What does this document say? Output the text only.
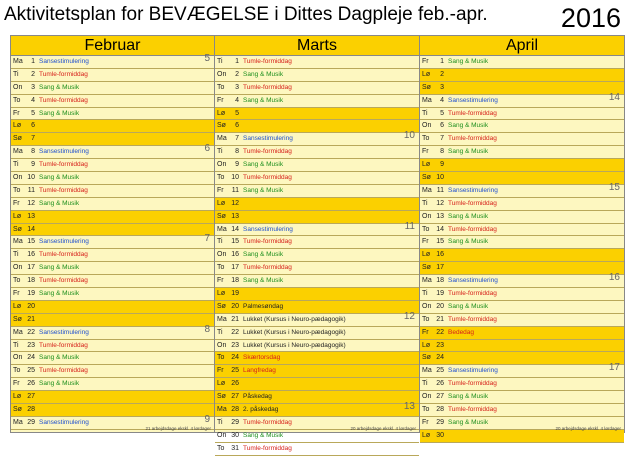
Aktivitetsplan for BEVÆGELSE i Dittes Dagpleje feb.-apr.	2016
Februar
Ma 1 Sansestimulering	5
Ti 2 Tumle-formiddag
On 3 Sang & Musik
To 4 Tumle-formiddag
Fr 5 Sang & Musik
Lø 6
Sø 7
Ma 8 Sansestimulering	6
Ti 9 Tumle-formiddag
On 10 Sang & Musik
To 11 Tumle-formiddag
Fr 12 Sang & Musik
Lø 13
Sø 14
Ma 15 Sansestimulering	7
Ti 16 Tumle-formiddag
On 17 Sang & Musik
To 18 Tumle-formiddag
Fr 19 Sang & Musik
Lø 20
Sø 21
Ma 22 Sansestimulering	8
Ti 23 Tumle-formiddag
On 24 Sang & Musik
To 25 Tumle-formiddag
Fr 26 Sang & Musik
Lø 27
Sø 28
Ma 29 Sansestimulering	9
21 arbejdsdage ekskl. 4 lørdager
Marts
Ti 1 Tumle-formiddag
On 2 Sang & Musik
To 3 Tumle-formiddag
Fr 4 Sang & Musik
Lø 5
Sø 6
Ma 7 Sansestimulering	10
Ti 8 Tumle-formiddag
On 9 Sang & Musik
To 10 Tumle-formiddag
Fr 11 Sang & Musik
Lø 12
Sø 13
Ma 14 Sansestimulering	11
Ti 15 Tumle-formiddag
On 16 Sang & Musik
To 17 Tumle-formiddag
Fr 18 Sang & Musik
Lø 19
Sø 20 Palmesøndag
Ma 21 Lukket (Kursus i Neuro-pædagogik)	12
Ti 22 Lukket (Kursus i Neuro-pædagogik)
On 23 Lukket (Kursus i Neuro-pædagogik)
To 24 Skærtorsdag
Fr 25 Langfredag
Lø 26
Sø 27 Påskedag
Ma 28 2. påskedag	13
Ti 29 Tumle-formiddag
On 30 Sang & Musik
To 31 Tumle-formiddag
20 arbejdsdage ekskl. 4 lørdager
April
Fr 1 Sang & Musik
Lø 2
Sø 3
Ma 4 Sansestimulering	14
Ti 5 Tumle-formiddag
On 6 Sang & Musik
To 7 Tumle-formiddag
Fr 8 Sang & Musik
Lø 9
Sø 10
Ma 11 Sansestimulering	15
Ti 12 Tumle-formiddag
On 13 Sang & Musik
To 14 Tumle-formiddag
Fr 15 Sang & Musik
Lø 16
Sø 17
Ma 18 Sansestimulering	16
Ti 19 Tumle-formiddag
On 20 Sang & Musik
To 21 Tumle-formiddag
Fr 22 Bededag
Lø 23
Sø 24
Ma 25 Sansestimulering	17
Ti 26 Tumle-formiddag
On 27 Sang & Musik
To 28 Tumle-formiddag
Fr 29 Sang & Musik
Lø 30
20 arbejdsdage ekskl. 4 lørdager
